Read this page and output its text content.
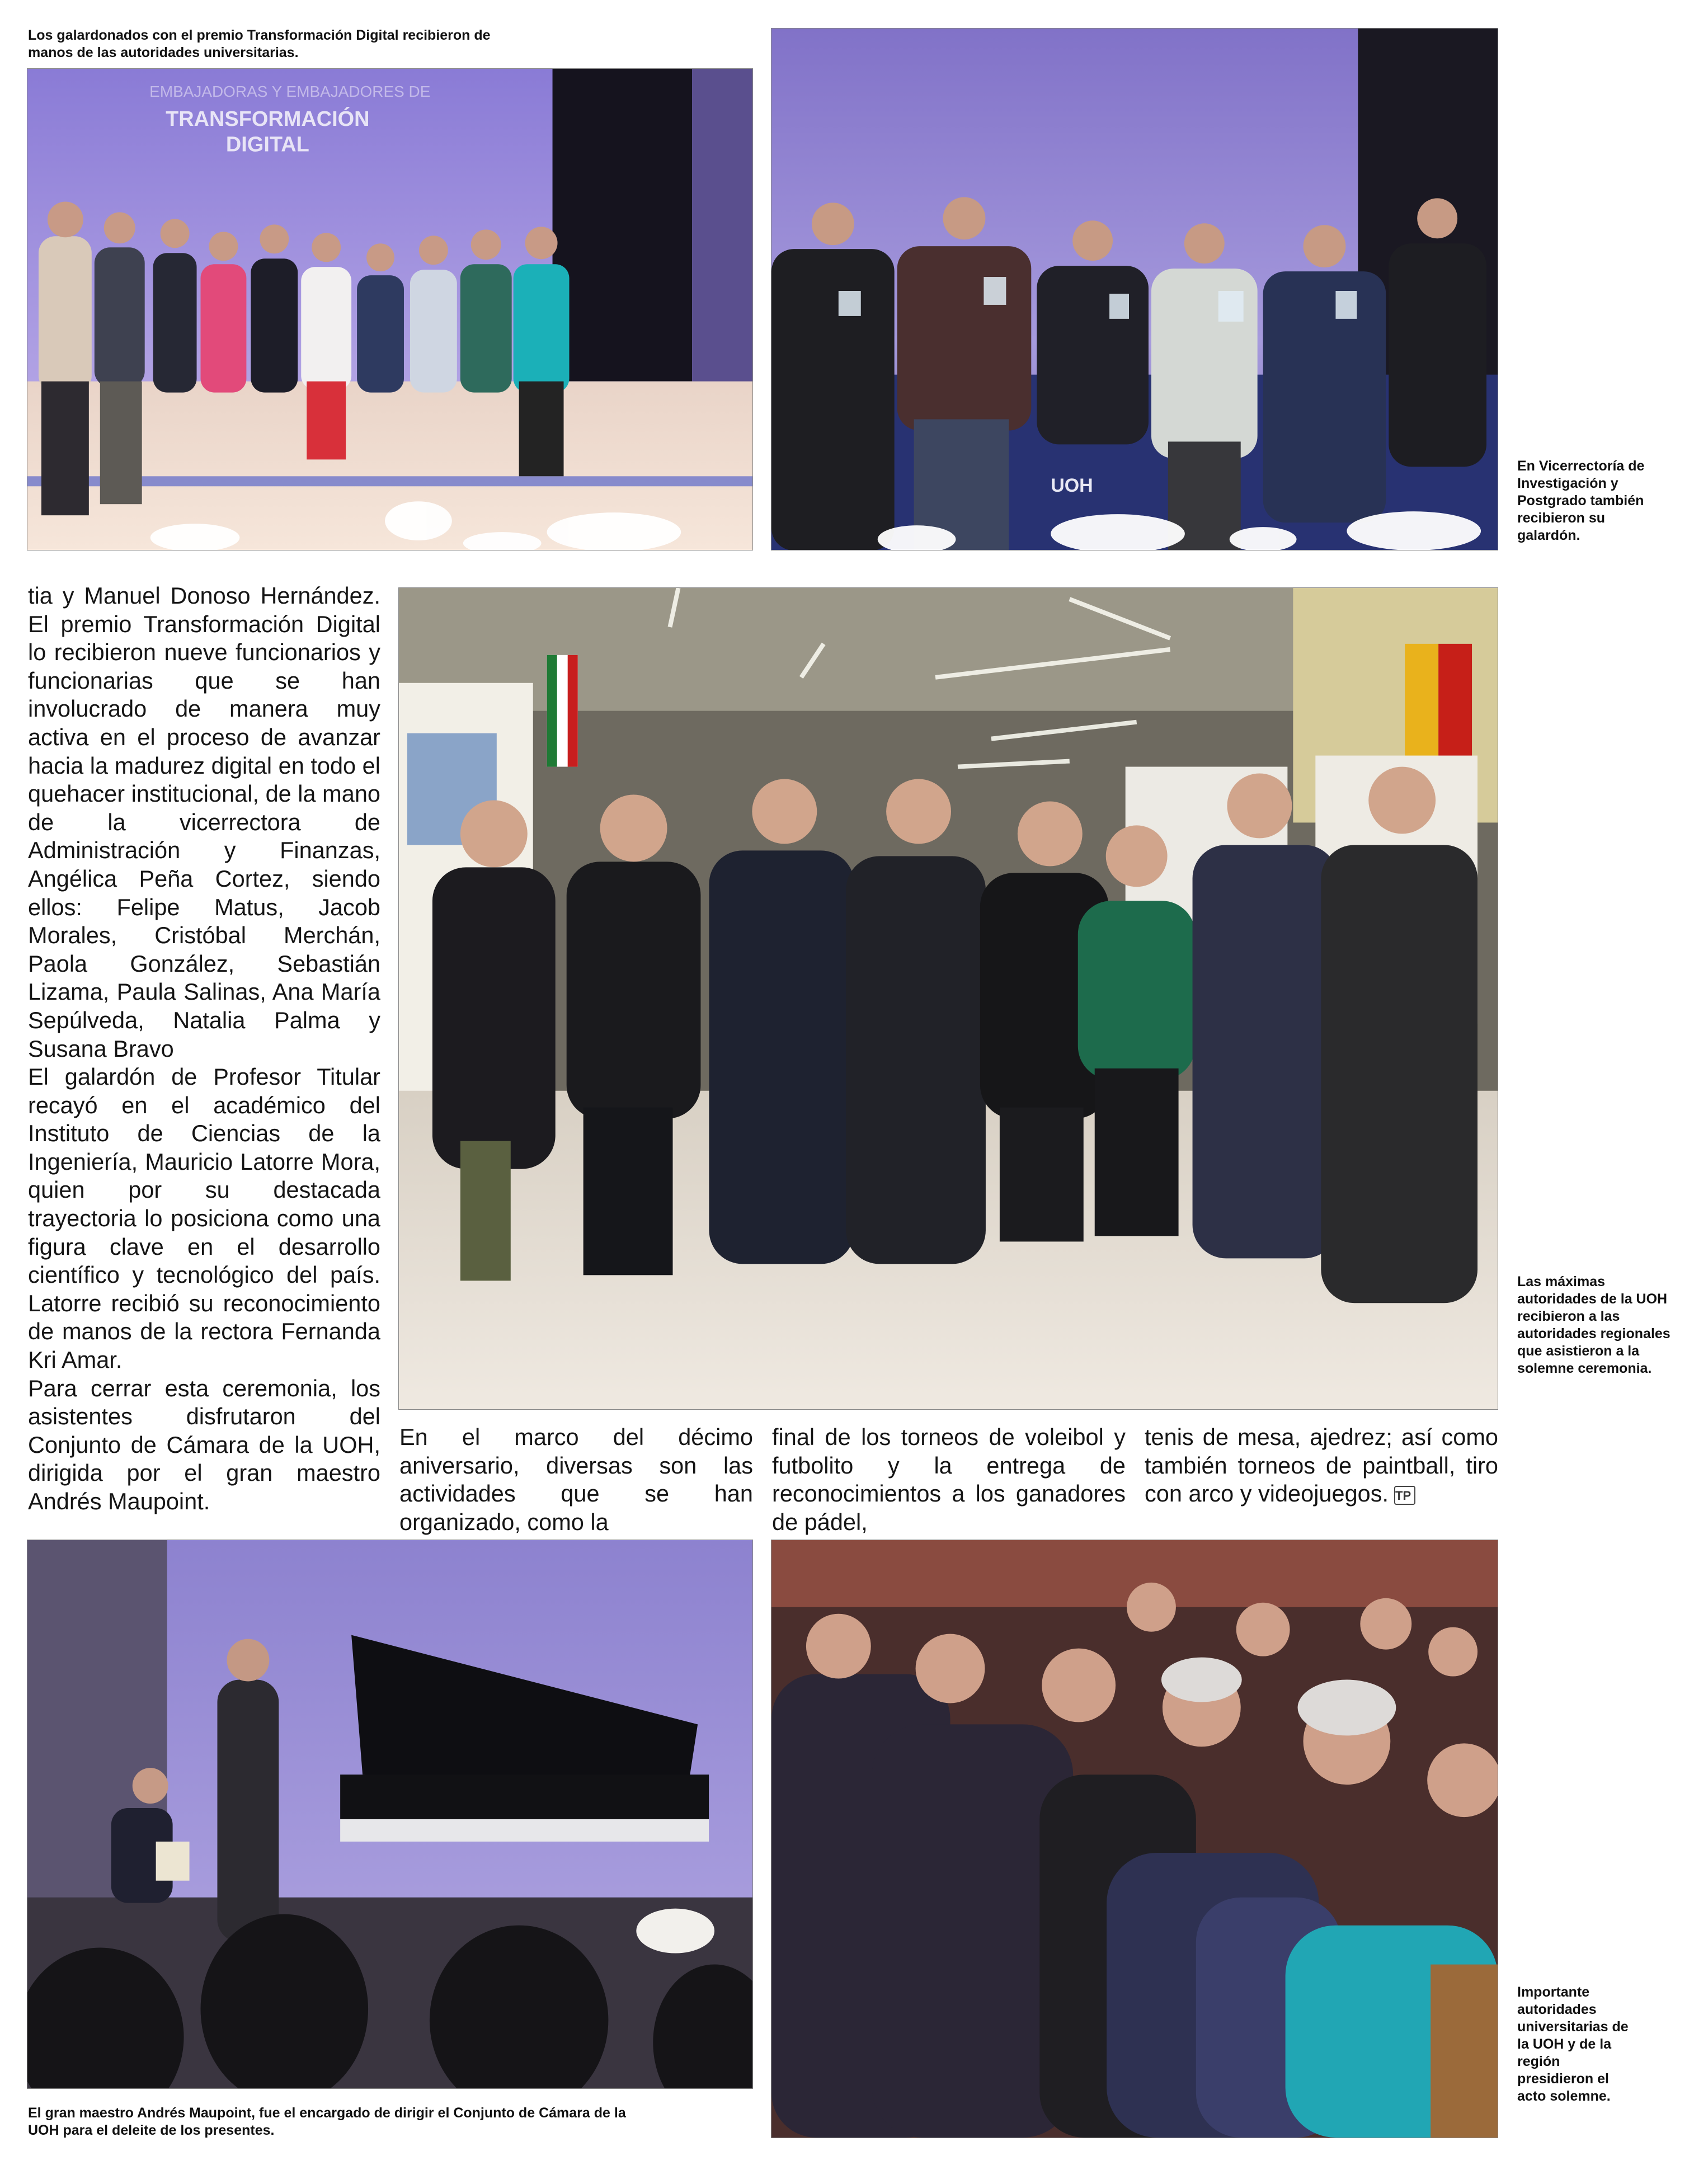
Los galardonados con el premio Transformación Digital recibieron de manos de las autoridades universitarias.
EMBAJADORAS Y EMBAJADORES DE
TRANSFORMACIÓN
DIGITAL
UOH
En Vicerrectoría de Investigación y Postgrado también recibieron su galardón.

tia y Manuel Donoso Hernández. El premio Transformación Digital lo recibieron nueve funcionarios y funcionarias que se han involucrado de manera muy activa en el proceso de avanzar hacia la madurez digital en todo el quehacer institucional, de la mano de la vicerrectora de Administración y Finanzas, Angélica Peña Cortez, siendo ellos: Felipe Matus, Jacob Morales, Cristóbal Merchán, Paola González, Sebastián Lizama, Paula Salinas, Ana María Sepúlveda, Natalia Palma y Susana Bravo

El galardón de Profesor Titular recayó en el académico del Instituto de Ciencias de la Ingeniería, Mauricio Latorre Mora, quien por su destacada trayectoria lo posiciona como una figura clave en el desarrollo científico y tecnológico del país. Latorre recibió su reconocimiento de manos de la rectora Fernanda Kri Amar.

Para cerrar esta ceremonia, los asistentes disfrutaron del Conjunto de Cámara de la UOH, dirigida por el gran maestro Andrés Maupoint.

Las máximas autoridades de la UOH recibieron a las autoridades regionales que asistieron a la solemne ceremonia.
En el marco del décimo aniversario, diversas son las actividades que se han organizado, como la
final de los torneos de voleibol y futbolito y la entrega de reconocimientos a los ganadores de pádel,
tenis de mesa, ajedrez; así como también torneos de paintball, tiro con arco y videojuegos. TP
El gran maestro Andrés Maupoint, fue el encargado de dirigir el Conjunto de Cámara de la UOH para el deleite de los presentes.
Importante autoridades universitarias de la UOH y de la región presidieron el acto solemne.
